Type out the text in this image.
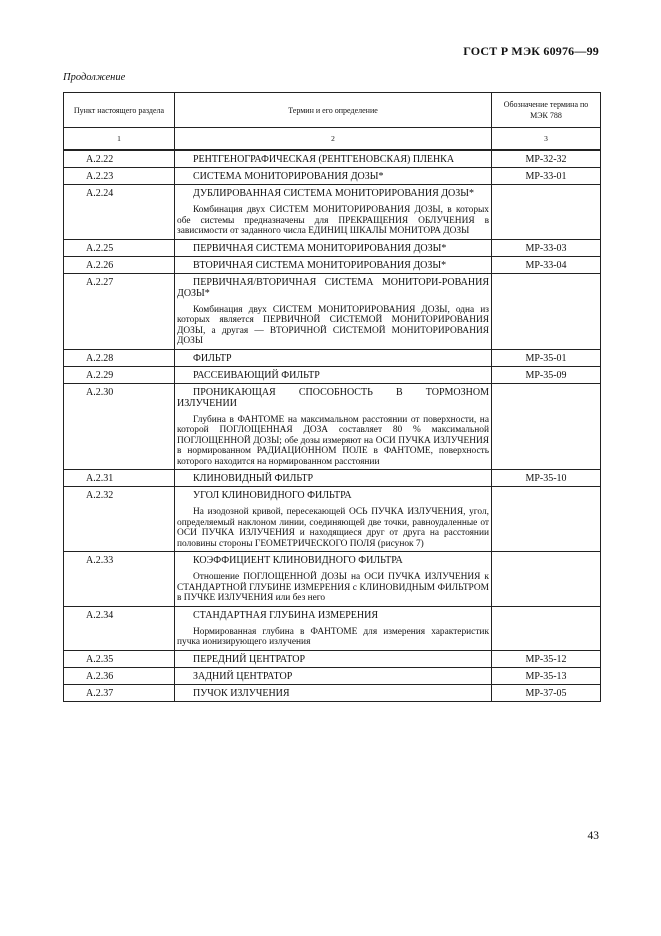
ГОСТ Р МЭК 60976—99
Продолжение
Пункт настоящего раздела	Термин и его определение	Обозначение термина по МЭК 788
1	2	3
А.2.22	РЕНТГЕНОГРАФИЧЕСКАЯ (РЕНТГЕНОВСКАЯ) ПЛЕНКА	МР-32-32
А.2.23	СИСТЕМА МОНИТОРИРОВАНИЯ ДОЗЫ*	МР-33-01
А.2.24	ДУБЛИРОВАННАЯ СИСТЕМА МОНИТОРИРОВАНИЯ ДОЗЫ*
Комбинация двух СИСТЕМ МОНИТОРИРОВАНИЯ ДОЗЫ, в которых обе системы предназначены для ПРЕКРАЩЕНИЯ ОБЛУЧЕНИЯ в зависимости от заданного числа ЕДИНИЦ ШКАЛЫ МОНИТОРА ДОЗЫ	

А.2.25	ПЕРВИЧНАЯ СИСТЕМА МОНИТОРИРОВАНИЯ ДОЗЫ*	МР-33-03
А.2.26	ВТОРИЧНАЯ СИСТЕМА МОНИТОРИРОВАНИЯ ДОЗЫ*	МР-33-04
А.2.27	ПЕРВИЧНАЯ/ВТОРИЧНАЯ СИСТЕМА МОНИТОРИ-РОВАНИЯ ДОЗЫ*
Комбинация двух СИСТЕМ МОНИТОРИРОВАНИЯ ДОЗЫ, одна из которых является ПЕРВИЧНОЙ СИСТЕМОЙ МОНИТОРИРОВАНИЯ ДОЗЫ, а другая — ВТОРИЧНОЙ СИСТЕМОЙ МОНИТОРИРОВАНИЯ ДОЗЫ	

А.2.28	ФИЛЬТР	МР-35-01
А.2.29	РАССЕИВАЮЩИЙ ФИЛЬТР	МР-35-09
А.2.30	ПРОНИКАЮЩАЯ СПОСОБНОСТЬ В ТОРМОЗНОМ ИЗЛУЧЕНИИ
Глубина в ФАНТОМЕ на максимальном расстоянии от поверхности, на которой ПОГЛОЩЕННАЯ ДОЗА составляет 80 % максимальной ПОГЛОЩЕННОЙ ДОЗЫ; обе дозы измеряют на ОСИ ПУЧКА ИЗЛУЧЕНИЯ в нормированном РАДИАЦИОННОМ ПОЛЕ в ФАНТОМЕ, поверхность которого находится на нормированном расстоянии	

А.2.31	КЛИНОВИДНЫЙ ФИЛЬТР	МР-35-10
А.2.32	УГОЛ КЛИНОВИДНОГО ФИЛЬТРА
На изодозной кривой, пересекающей ОСЬ ПУЧКА ИЗЛУЧЕНИЯ, угол, определяемый наклоном линии, соединяющей две точки, равноудаленные от ОСИ ПУЧКА ИЗЛУЧЕНИЯ и находящиеся друг от друга на расстоянии половины стороны ГЕОМЕТРИЧЕСКОГО ПОЛЯ (рисунок 7)	

А.2.33	КОЭФФИЦИЕНТ КЛИНОВИДНОГО ФИЛЬТРА
Отношение ПОГЛОЩЕННОЙ ДОЗЫ на ОСИ ПУЧКА ИЗЛУЧЕНИЯ к СТАНДАРТНОЙ ГЛУБИНЕ ИЗМЕРЕНИЯ с КЛИНОВИДНЫМ ФИЛЬТРОМ в ПУЧКЕ ИЗЛУЧЕНИЯ или без него	

А.2.34	СТАНДАРТНАЯ ГЛУБИНА ИЗМЕРЕНИЯ
Нормированная глубина в ФАНТОМЕ для измерения характеристик пучка ионизирующего излучения	

А.2.35	ПЕРЕДНИЙ ЦЕНТРАТОР	МР-35-12
А.2.36	ЗАДНИЙ ЦЕНТРАТОР	МР-35-13
А.2.37	ПУЧОК ИЗЛУЧЕНИЯ	МР-37-05
43
